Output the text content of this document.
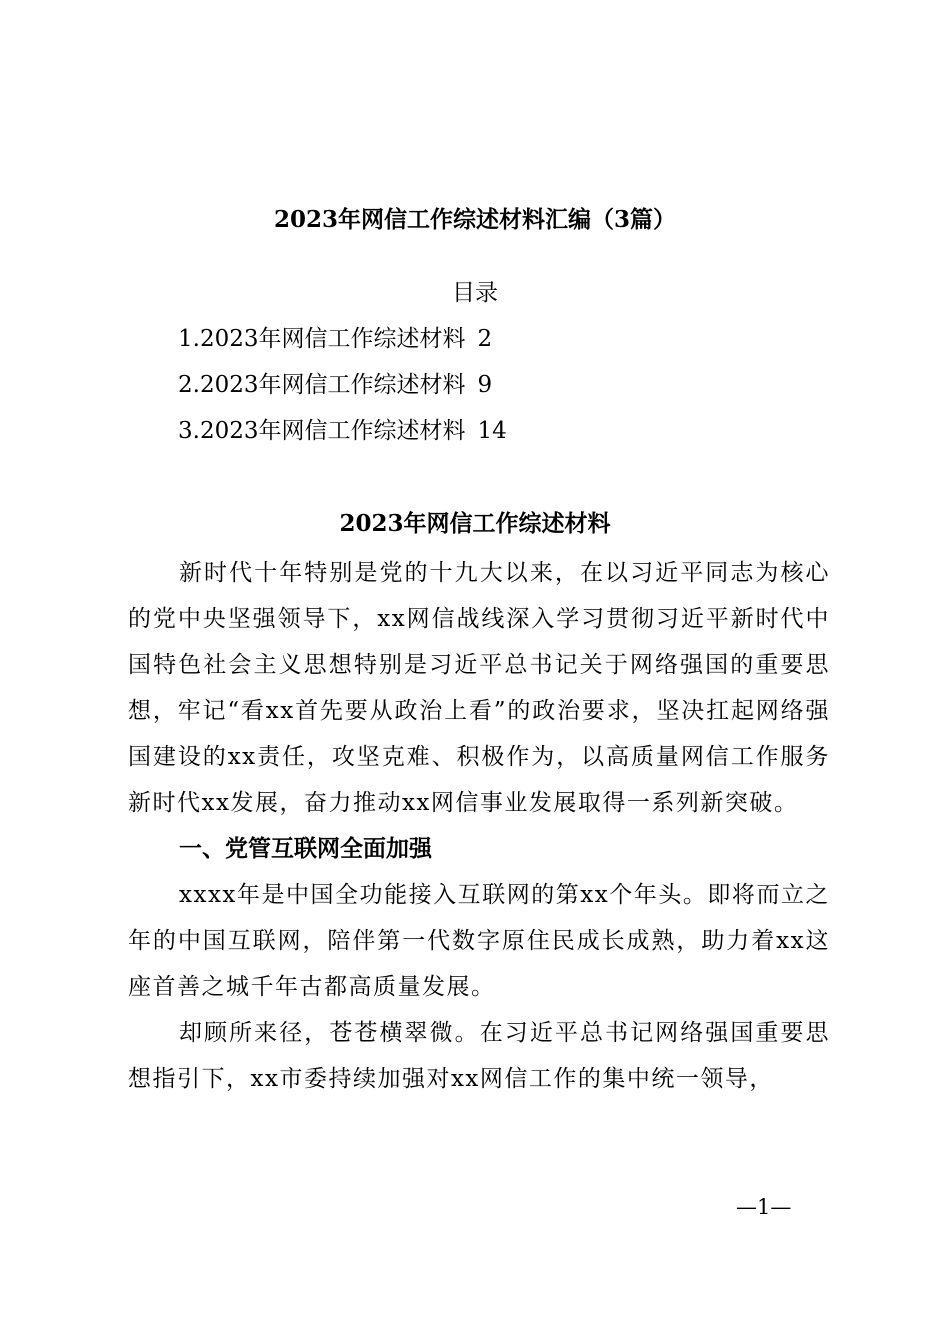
2023年网信工作综述材料汇编（3篇）
目录
1.2023年网信工作综述材料 2
2.2023年网信工作综述材料 9
3.2023年网信工作综述材料 14
2023年网信工作综述材料

新时代十年特别是党的十九大以来，在以习近平同志为核心的党中央坚强领导下，xx网信战线深入学习贯彻习近平新时代中国特色社会主义思想特别是习近平总书记关于网络强国的重要思想，牢记“看xx首先要从政治上看”的政治要求，坚决扛起网络强国建设的xx责任，攻坚克难、积极作为，以高质量网信工作服务新时代xx发展，奋力推动xx网信事业发展取得一系列新突破。

一、党管互联网全面加强

xxxx年是中国全功能接入互联网的第xx个年头。即将而立之年的中国互联网，陪伴第一代数字原住民成长成熟，助力着xx这座首善之城千年古都高质量发展。

却顾所来径，苍苍横翠微。在习近平总书记网络强国重要思想指引下，xx市委持续加强对xx网信工作的集中统一领导，

—1—
